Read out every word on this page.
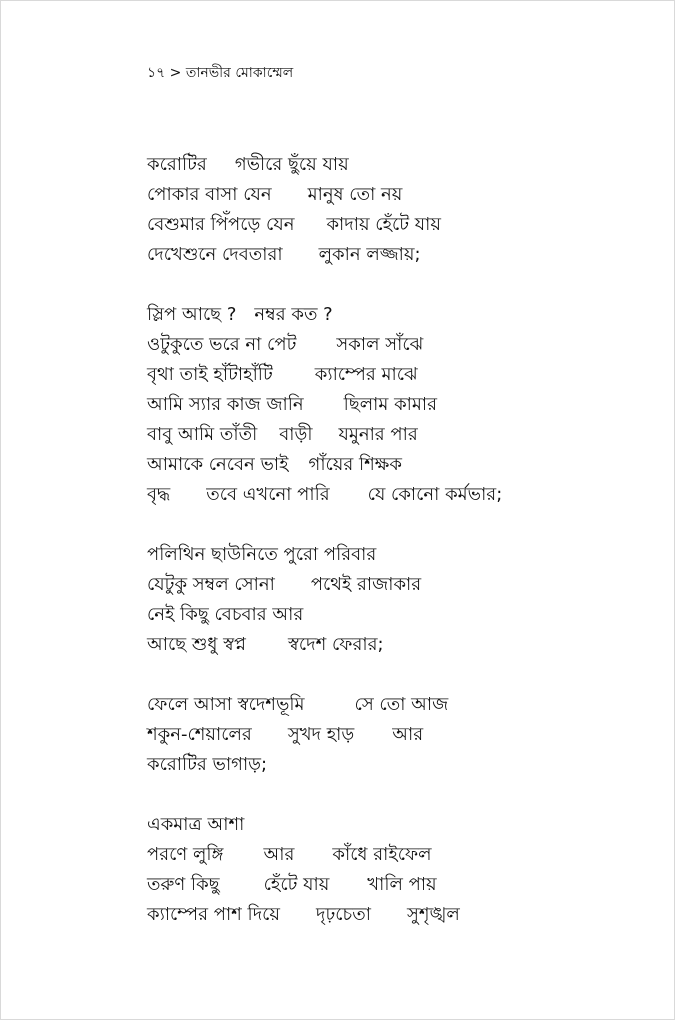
১৭ > তানভীর মোকাম্মেল
করোটির গভীরে ছুঁয়ে যায়
পোকার বাসা যেন মানুষ তো নয়
বেশুমার পিঁপড়ে যেন কাদায় হেঁটে যায়
দেখেশুনে দেবতারা লুকান লজ্জায়;
স্লিপ আছে ? নম্বর কত ?
ওটুকুতে ভরে না পেট সকাল সাঁঝে
বৃথা তাই হাঁটাহাঁটি ক্যাম্পের মাঝে
আমি স্যার কাজ জানি ছিলাম কামার
বাবু আমি তাঁতী বাড়ী যমুনার পার
আমাকে নেবেন ভাই গাঁয়ের শিক্ষক
বৃদ্ধ তবে এখনো পারি যে কোনো কর্মভার;
পলিথিন ছাউনিতে পুরো পরিবার
যেটুকু সম্বল সোনা পথেই রাজাকার
নেই কিছু বেচবার আর
আছে শুধু স্বপ্ন স্বদেশ ফেরার;
ফেলে আসা স্বদেশভূমি	সে তো আজ
শকুন-শেয়ালের সুখদ হাড় আর
করোটির ভাগাড়;
একমাত্র আশা
পরণে লুঙ্গি আর কাঁধে রাইফেল
তরুণ কিছু হেঁটে যায় খালি পায়
ক্যাম্পের পাশ দিয়ে দৃঢ়চেতা সুশৃঙ্খল
